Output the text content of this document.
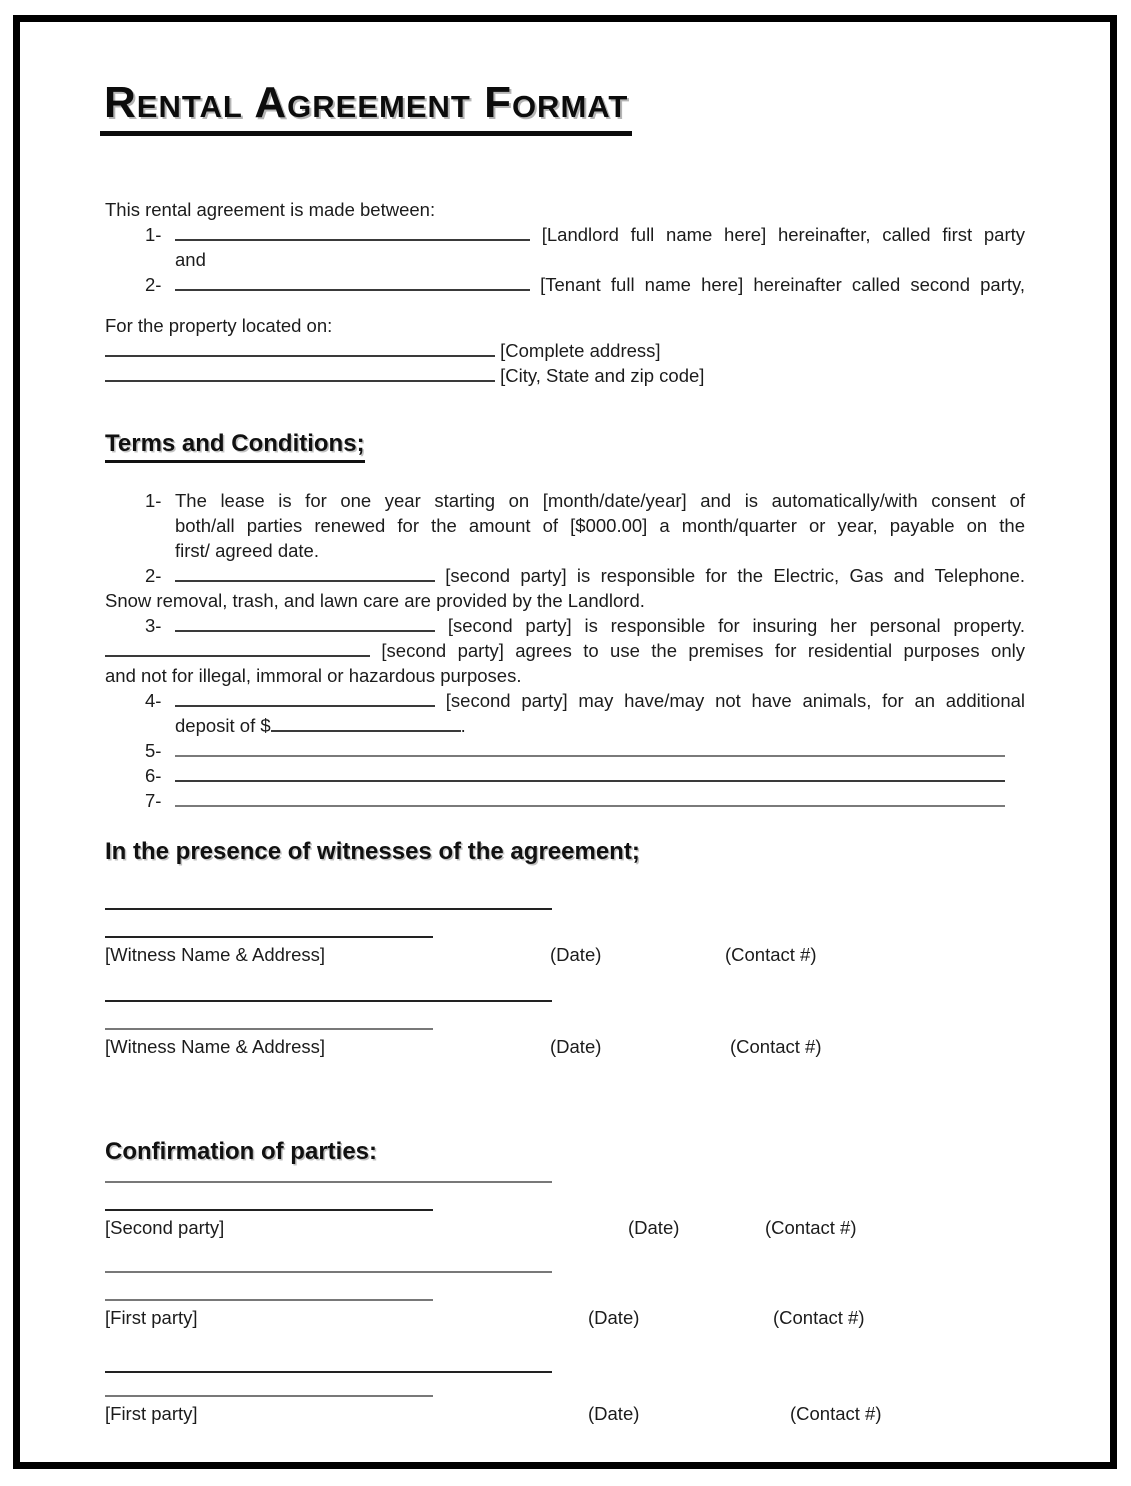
Rental Agreement Format
This rental agreement is made between:
1-	[Landlord full name here] hereinafter, called first party
and
2-	[Tenant full name here] hereinafter called second party,
For the property located on:
[Complete address]
[City, State and zip code]
Terms and Conditions;
1- The lease is for one year starting on [month/date/year] and is automatically/with consent of
both/all parties renewed for the amount of [$000.00] a month/quarter or year, payable on the
first/ agreed date.
2-	[second party] is responsible for the Electric, Gas and Telephone.
Snow removal, trash, and lawn care are provided by the Landlord.
3-	[second party] is responsible for insuring her personal property.
[second party] agrees to use the premises for residential purposes only
and not for illegal, immoral or hazardous purposes.
4-	[second party] may have/may not have animals, for an additional
deposit of $	.
5-
6-
7-
In the presence of witnesses of the agreement;
[Witness Name & Address]	(Date)	(Contact #)
[Witness Name & Address]	(Date)	(Contact #)
Confirmation of parties:
[Second party]	(Date)	(Contact #)
[First party]	(Date)	(Contact #)
[First party]	(Date)	(Contact #)
